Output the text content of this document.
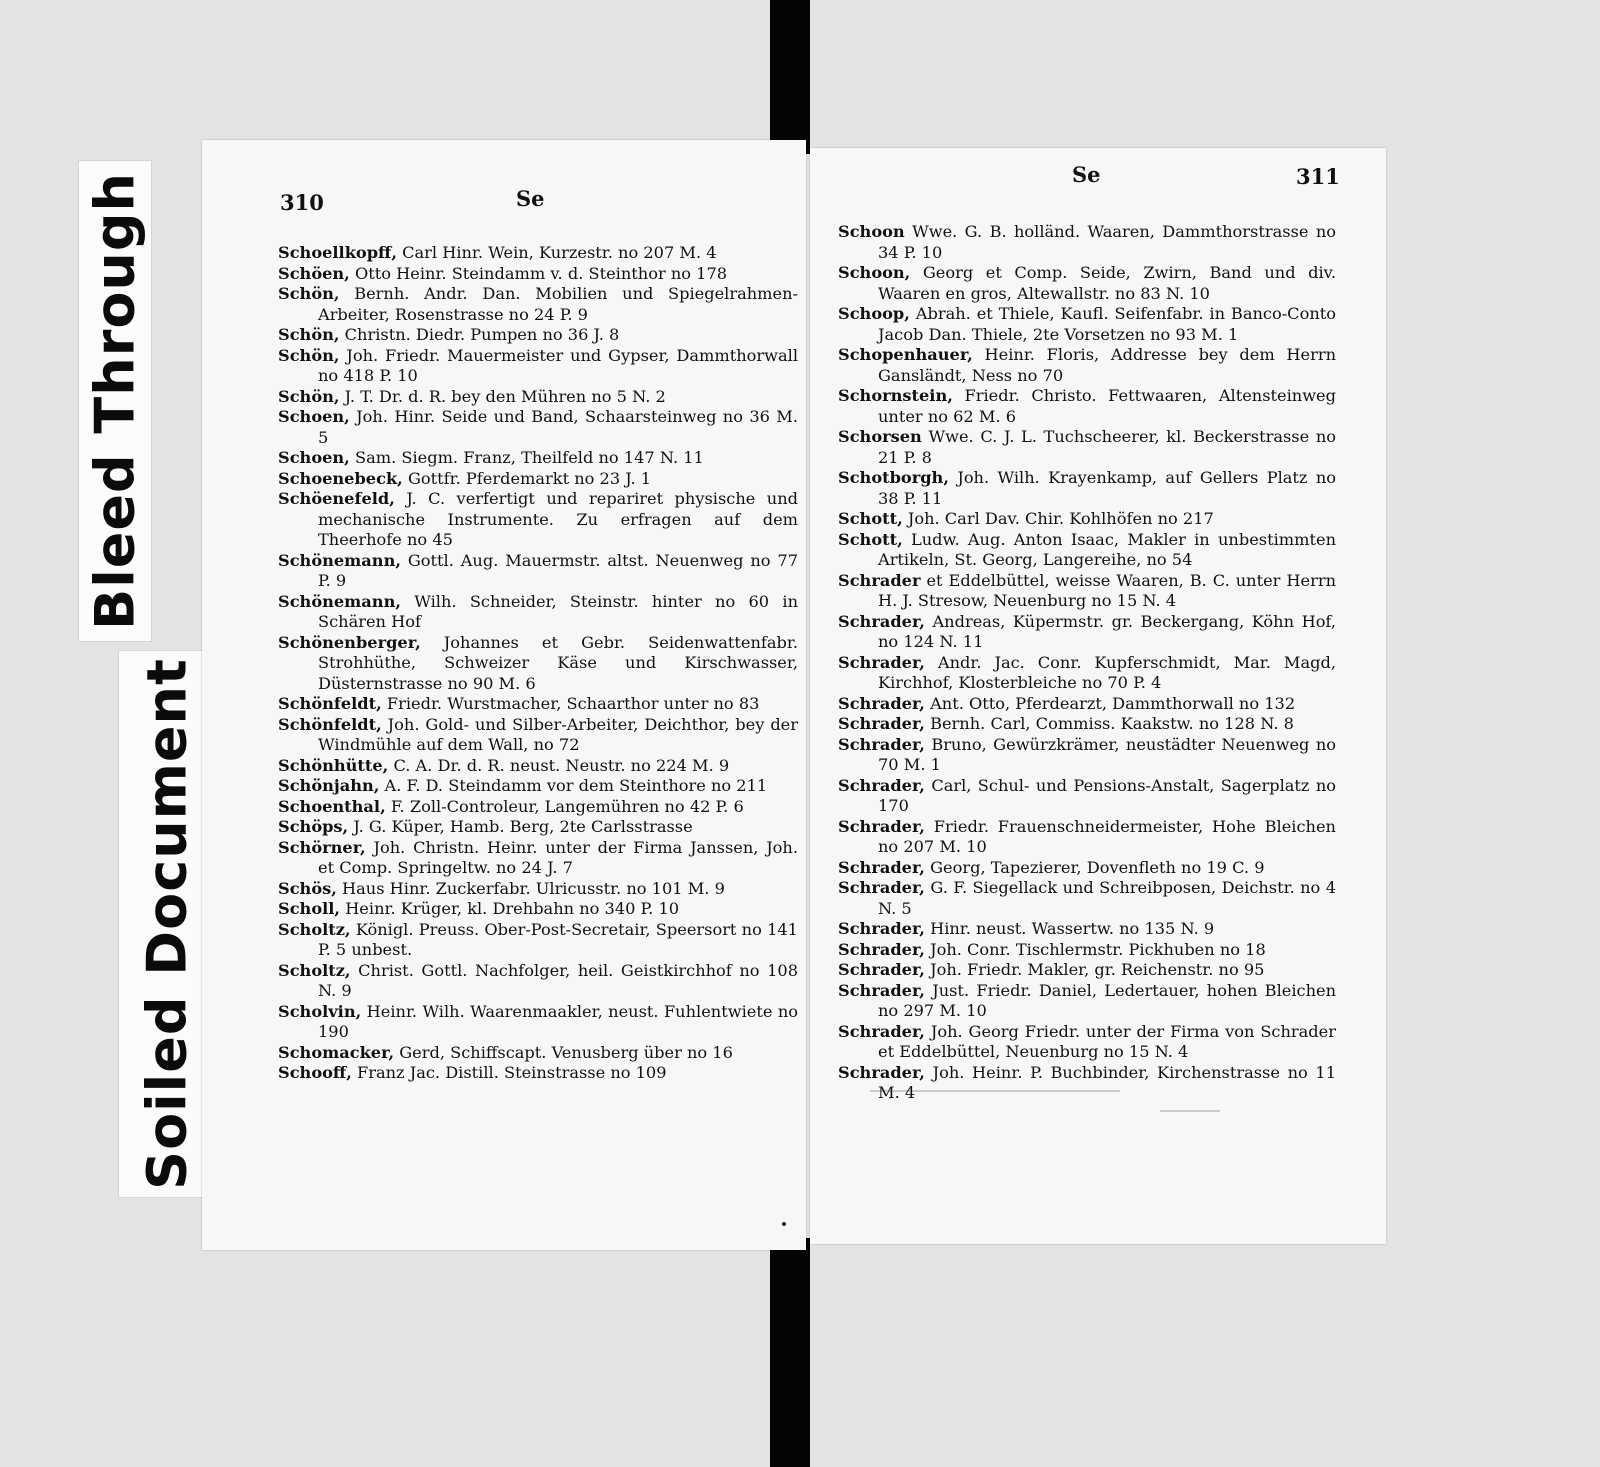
Bleed Through
Soiled Document
310	Se
Se	311
Schoellkopff, Carl Hinr. Wein, Kurzestr. no 207 M. 4
Schöen, Otto Heinr. Steindamm v. d. Steinthor no 178
Schön, Bernh. Andr. Dan. Mobilien und Spiegelrahmen-Arbeiter, Rosenstrasse no 24 P. 9
Schön, Christn. Diedr. Pumpen no 36 J. 8
Schön, Joh. Friedr. Mauermeister und Gypser, Dammthorwall no 418 P. 10
Schön, J. T. Dr. d. R. bey den Mühren no 5 N. 2
Schoen, Joh. Hinr. Seide und Band, Schaarsteinweg no 36 M. 5
Schoen, Sam. Siegm. Franz, Theilfeld no 147 N. 11
Schoenebeck, Gottfr. Pferdemarkt no 23 J. 1
Schöenefeld, J. C. verfertigt und repariret physische und mechanische Instrumente. Zu erfragen auf dem Theerhofe no 45
Schönemann, Gottl. Aug. Mauermstr. altst. Neuenweg no 77 P. 9
Schönemann, Wilh. Schneider, Steinstr. hinter no 60 in Schären Hof
Schönenberger, Johannes et Gebr. Seidenwattenfabr. Strohhüthe, Schweizer Käse und Kirschwasser, Düsternstrasse no 90 M. 6
Schönfeldt, Friedr. Wurstmacher, Schaarthor unter no 83
Schönfeldt, Joh. Gold- und Silber-Arbeiter, Deichthor, bey der Windmühle auf dem Wall, no 72
Schönhütte, C. A. Dr. d. R. neust. Neustr. no 224 M. 9
Schönjahn, A. F. D. Steindamm vor dem Steinthore no 211
Schoenthal, F. Zoll-Controleur, Langemühren no 42 P. 6
Schöps, J. G. Küper, Hamb. Berg, 2te Carlsstrasse
Schörner, Joh. Christn. Heinr. unter der Firma Janssen, Joh. et Comp. Springeltw. no 24 J. 7
Schös, Haus Hinr. Zuckerfabr. Ulricusstr. no 101 M. 9
Scholl, Heinr. Krüger, kl. Drehbahn no 340 P. 10
Scholtz, Königl. Preuss. Ober-Post-Secretair, Speersort no 141 P. 5 unbest.
Scholtz, Christ. Gottl. Nachfolger, heil. Geistkirchhof no 108 N. 9
Scholvin, Heinr. Wilh. Waarenmaakler, neust. Fuhlentwiete no 190
Schomacker, Gerd, Schiffscapt. Venusberg über no 16
Schooff, Franz Jac. Distill. Steinstrasse no 109
Schoon Wwe. G. B. holländ. Waaren, Dammthorstrasse no 34 P. 10
Schoon, Georg et Comp. Seide, Zwirn, Band und div. Waaren en gros, Altewallstr. no 83 N. 10
Schoop, Abrah. et Thiele, Kaufl. Seifenfabr. in Banco-Conto Jacob Dan. Thiele, 2te Vorsetzen no 93 M. 1
Schopenhauer, Heinr. Floris, Addresse bey dem Herrn Gansländt, Ness no 70
Schornstein, Friedr. Christo. Fettwaaren, Altensteinweg unter no 62 M. 6
Schorsen Wwe. C. J. L. Tuchscheerer, kl. Beckerstrasse no 21 P. 8
Schotborgh, Joh. Wilh. Krayenkamp, auf Gellers Platz no 38 P. 11
Schott, Joh. Carl Dav. Chir. Kohlhöfen no 217
Schott, Ludw. Aug. Anton Isaac, Makler in unbestimmten Artikeln, St. Georg, Langereihe, no 54
Schrader et Eddelbüttel, weisse Waaren, B. C. unter Herrn H. J. Stresow, Neuenburg no 15 N. 4
Schrader, Andreas, Küpermstr. gr. Beckergang, Köhn Hof, no 124 N. 11
Schrader, Andr. Jac. Conr. Kupferschmidt, Mar. Magd, Kirchhof, Klosterbleiche no 70 P. 4
Schrader, Ant. Otto, Pferdearzt, Dammthorwall no 132
Schrader, Bernh. Carl, Commiss. Kaakstw. no 128 N. 8
Schrader, Bruno, Gewürzkrämer, neustädter Neuenweg no 70 M. 1
Schrader, Carl, Schul- und Pensions-Anstalt, Sagerplatz no 170
Schrader, Friedr. Frauenschneidermeister, Hohe Bleichen no 207 M. 10
Schrader, Georg, Tapezierer, Dovenfleth no 19 C. 9
Schrader, G. F. Siegellack und Schreibposen, Deichstr. no 4 N. 5
Schrader, Hinr. neust. Wassertw. no 135 N. 9
Schrader, Joh. Conr. Tischlermstr. Pickhuben no 18
Schrader, Joh. Friedr. Makler, gr. Reichenstr. no 95
Schrader, Just. Friedr. Daniel, Ledertauer, hohen Bleichen no 297 M. 10
Schrader, Joh. Georg Friedr. unter der Firma von Schrader et Eddelbüttel, Neuenburg no 15 N. 4
Schrader, Joh. Heinr. P. Buchbinder, Kirchenstrasse no 11 M. 4
